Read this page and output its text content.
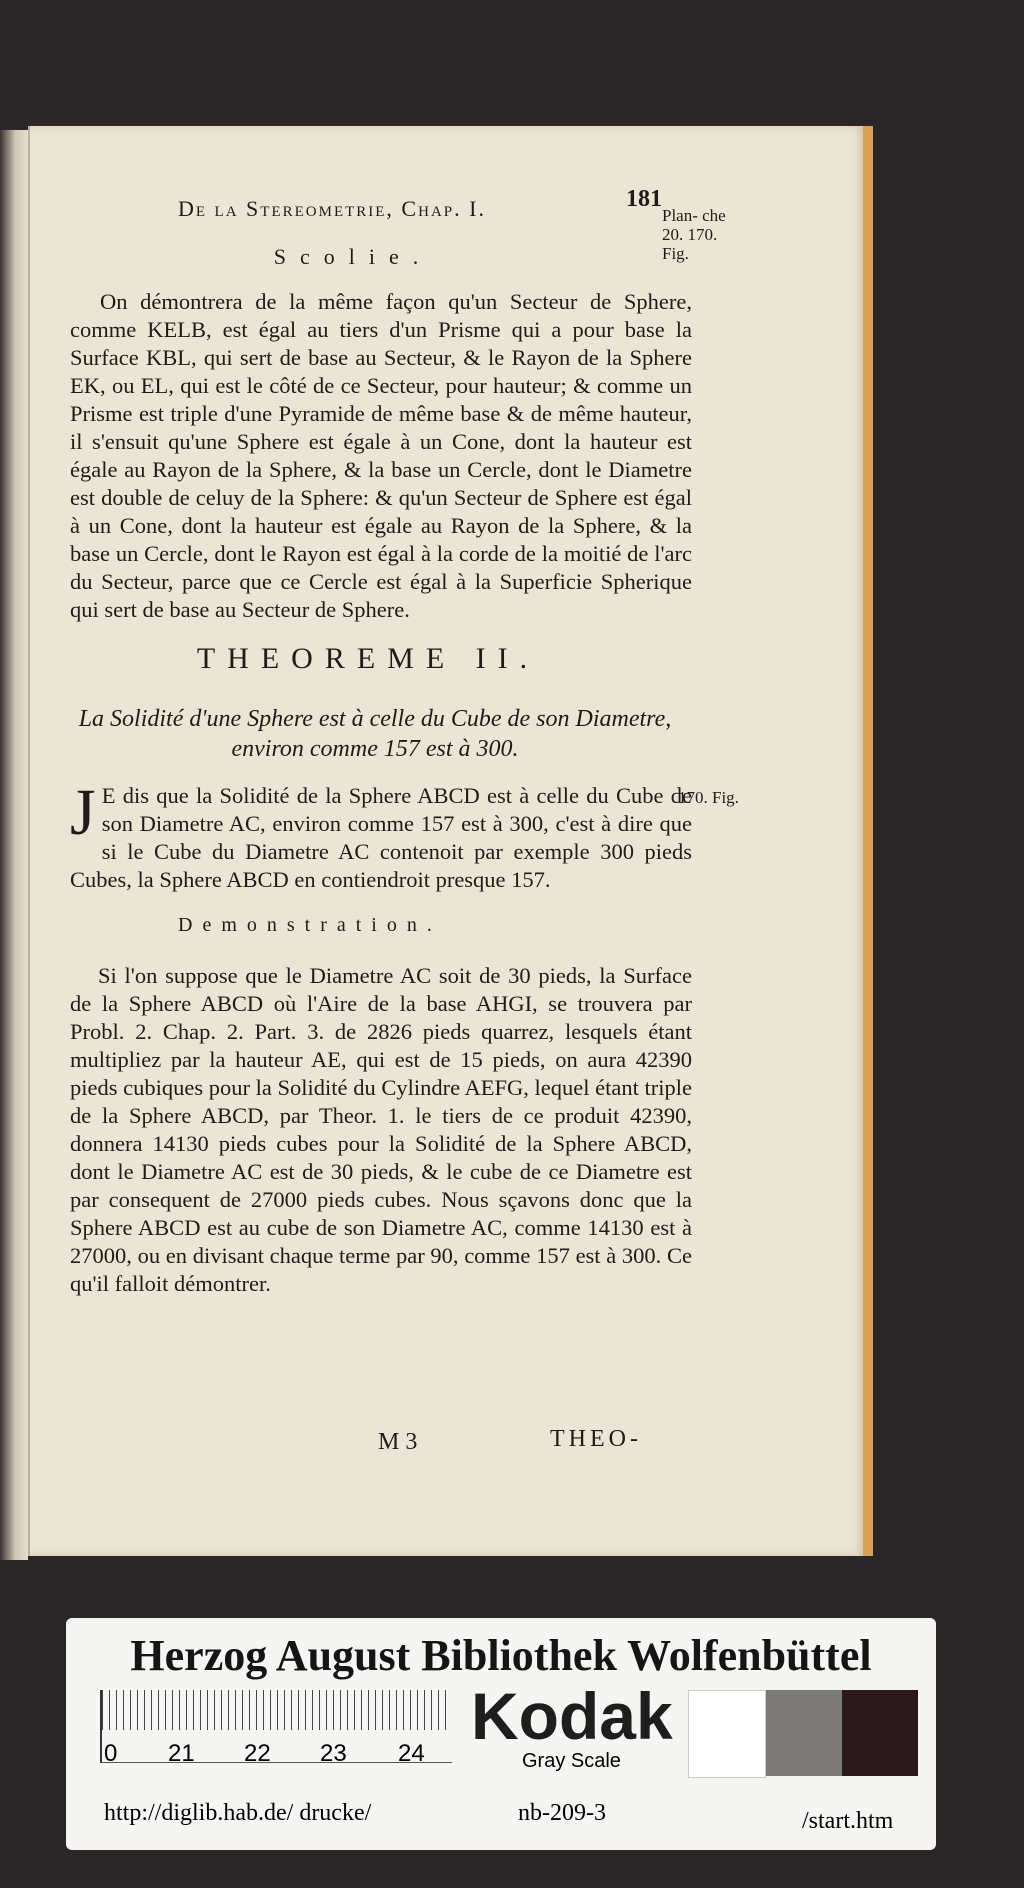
De la Stereometrie, Chap. I.	181
Plan- che 20. 170. Fig.
Scolie.
On démontrera de la même façon qu'un Secteur de Sphere, comme KELB, est égal au tiers d'un Prisme qui a pour base la Surface KBL, qui sert de base au Secteur, & le Rayon de la Sphere EK, ou EL, qui est le côté de ce Secteur, pour hauteur; & comme un Prisme est triple d'une Pyramide de même base & de même hauteur, il s'ensuit qu'une Sphere est égale à un Cone, dont la hauteur est égale au Rayon de la Sphere, & la base un Cercle, dont le Diametre est double de celuy de la Sphere: & qu'un Secteur de Sphere est égal à un Cone, dont la hauteur est égale au Rayon de la Sphere, & la base un Cercle, dont le Rayon est égal à la corde de la moitié de l'arc du Secteur, parce que ce Cercle est égal à la Superficie Spherique qui sert de base au Secteur de Sphere.
THEOREME II.
La Solidité d'une Sphere est à celle du Cube de son Diametre, environ comme 157 est à 300.
170. Fig.
J E dis que la Solidité de la Sphere ABCD est à celle du Cube de son Diametre AC, environ comme 157 est à 300, c'est à dire que si le Cube du Diametre AC contenoit par exemple 300 pieds Cubes, la Sphere ABCD en contiendroit presque 157.
Demonstration.
Si l'on suppose que le Diametre AC soit de 30 pieds, la Surface de la Sphere ABCD où l'Aire de la base AHGI, se trouvera par Probl. 2. Chap. 2. Part. 3. de 2826 pieds quarrez, lesquels étant multipliez par la hauteur AE, qui est de 15 pieds, on aura 42390 pieds cubiques pour la Solidité du Cylindre AEFG, lequel étant triple de la Sphere ABCD, par Theor. 1. le tiers de ce produit 42390, donnera 14130 pieds cubes pour la Solidité de la Sphere ABCD, dont le Diametre AC est de 30 pieds, & le cube de ce Diametre est par consequent de 27000 pieds cubes. Nous sçavons donc que la Sphere ABCD est au cube de son Diametre AC, comme 14130 est à 27000, ou en divisant chaque terme par 90, comme 157 est à 300. Ce qu'il falloit démontrer.
M 3	THEO-
Herzog August Bibliothek Wolfenbüttel
0 21 22 23 24
Kodak
Gray Scale
http://diglib.hab.de/ drucke/	nb-209-3	/start.htm
